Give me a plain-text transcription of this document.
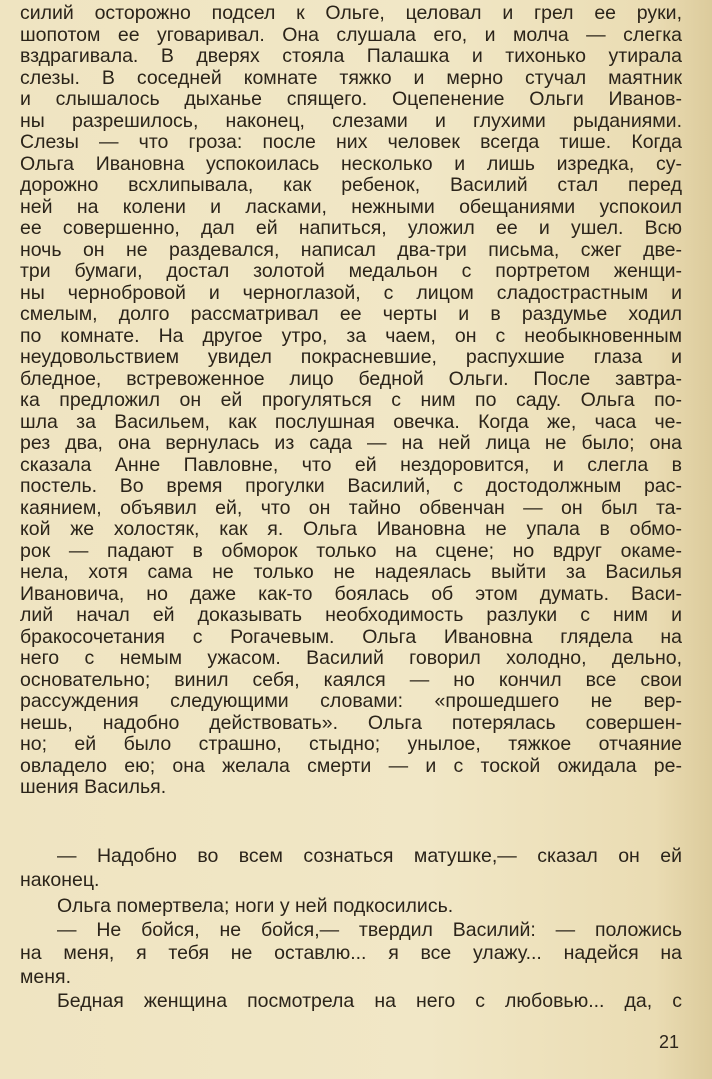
силий осторожно подсел к Ольге, целовал и грел ее руки,
шопотом ее уговаривал. Она слушала его, и молча — слегка
вздрагивала. В дверях стояла Палашка и тихонько утирала
слезы. В соседней комнате тяжко и мерно стучал маятник
и слышалось дыханье спящего. Оцепенение Ольги Иванов-
ны разрешилось, наконец, слезами и глухими рыданиями.
Слезы — что гроза: после них человек всегда тише. Когда
Ольга Ивановна успокоилась несколько и лишь изредка, су-
дорожно всхлипывала, как ребенок, Василий стал перед
ней на колени и ласками, нежными обещаниями успокоил
ее совершенно, дал ей напиться, уложил ее и ушел. Всю
ночь он не раздевался, написал два-три письма, сжег две-
три бумаги, достал золотой медальон с портретом женщи-
ны чернобровой и черноглазой, с лицом сладострастным и
смелым, долго рассматривал ее черты и в раздумье ходил
по комнате. На другое утро, за чаем, он с необыкновенным
неудовольствием увидел покрасневшие, распухшие глаза и
бледное, встревоженное лицо бедной Ольги. После завтра-
ка предложил он ей прогуляться с ним по саду. Ольга по-
шла за Васильем, как послушная овечка. Когда же, часа че-
рез два, она вернулась из сада — на ней лица не было; она
сказала Анне Павловне, что ей нездоровится, и слегла в
постель. Во время прогулки Василий, с достодолжным рас-
каянием, объявил ей, что он тайно обвенчан — он был та-
кой же холостяк, как я. Ольга Ивановна не упала в обмо-
рок — падают в обморок только на сцене; но вдруг окаме-
нела, хотя сама не только не надеялась выйти за Василья
Ивановича, но даже как-то боялась об этом думать. Васи-
лий начал ей доказывать необходимость разлуки с ним и
бракосочетания с Рогачевым. Ольга Ивановна глядела на
него с немым ужасом. Василий говорил холодно, дельно,
основательно; винил себя, каялся — но кончил все свои
рассуждения следующими словами: «прошедшего не вер-
нешь, надобно действовать». Ольга потерялась совершен-
но; ей было страшно, стыдно; унылое, тяжкое отчаяние
овладело ею; она желала смерти — и с тоской ожидала ре-
шения Василья.
— Надобно во всем сознаться матушке,— сказал он ей
наконец.
Ольга помертвела; ноги у ней подкосились.
— Не бойся, не бойся,— твердил Василий: — положись
на меня, я тебя не оставлю... я все улажу... надейся на
меня.
Бедная женщина посмотрела на него с любовью... да, с
21
